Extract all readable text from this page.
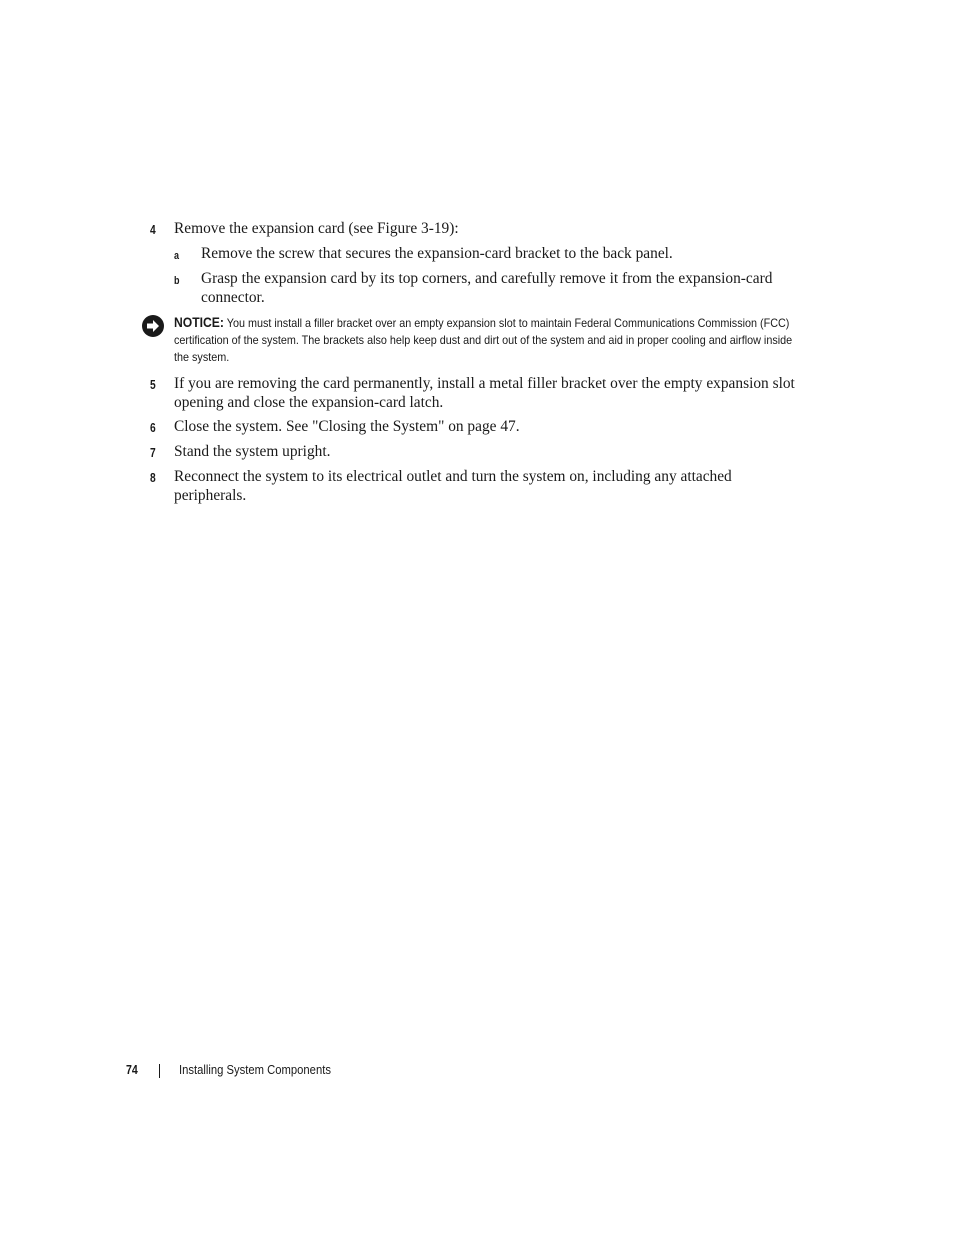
4 Remove the expansion card (see Figure 3-19):
a Remove the screw that secures the expansion-card bracket to the back panel.
b Grasp the expansion card by its top corners, and carefully remove it from the expansion-card connector.
NOTICE: You must install a filler bracket over an empty expansion slot to maintain Federal Communications Commission (FCC) certification of the system. The brackets also help keep dust and dirt out of the system and aid in proper cooling and airflow inside the system.
5 If you are removing the card permanently, install a metal filler bracket over the empty expansion slot opening and close the expansion-card latch.
6 Close the system. See "Closing the System" on page 47.
7 Stand the system upright.
8 Reconnect the system to its electrical outlet and turn the system on, including any attached peripherals.
74	Installing System Components
